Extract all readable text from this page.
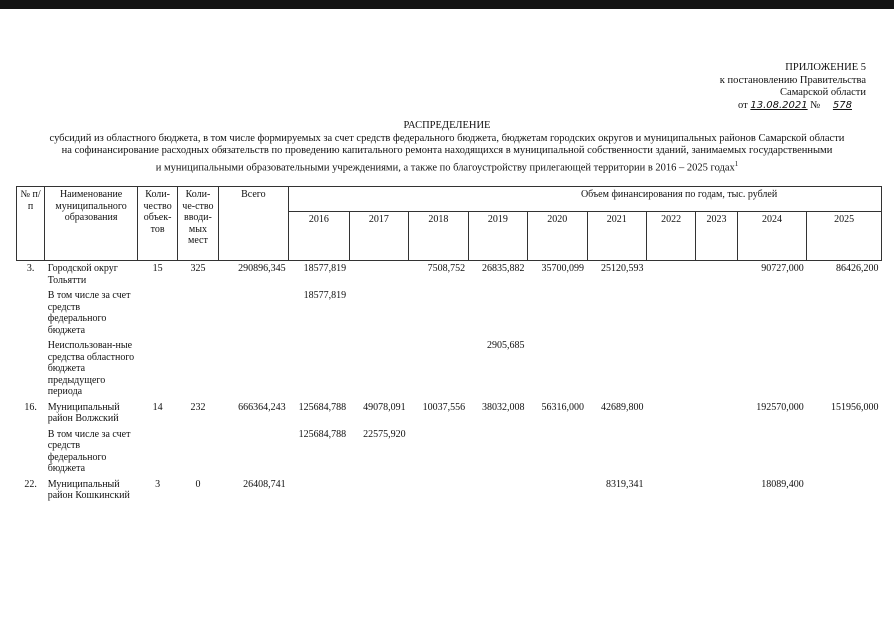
ПРИЛОЖЕНИЕ 5
к постановлению Правительства
Самарской области
от 13.08.2021 № 578
РАСПРЕДЕЛЕНИЕ
субсидий из областного бюджета, в том числе формируемых за счет средств федерального бюджета, бюджетам городских округов и муниципальных районов Самарской области
на софинансирование расходных обязательств по проведению капитального ремонта находящихся в муниципальной собственности зданий, занимаемых государственными
и муниципальными образовательными учреждениями, а также по благоустройству прилегающей территории в 2016 – 2025 годах$^1$
№ п/п	Наименование муниципального образования	Коли-чество объек-тов	Коли-че-ство вводи-мых мест	Всего	Объем финансирования по годам, тыс. рублей									
					2016	2017	2018	2019	2020	2021	2022	2023	2024	2025
3.	Городской округ Тольятти	15	325	290896,345	18577,819		7508,752	26835,882	35700,099	25120,593			90727,000	86426,200
	В том числе за счет средств федерального бюджета				18577,819									
	Неиспользован-ные средства областного бюджета предыдущего периода							2905,685						
16.	Муниципальный район Волжский	14	232	666364,243	125684,788	49078,091	10037,556	38032,008	56316,000	42689,800			192570,000	151956,000
	В том числе за счет средств федерального бюджета				125684,788	22575,920								
22.	Муниципальный район Кошкинский	3	0	26408,741						8319,341			18089,400	
